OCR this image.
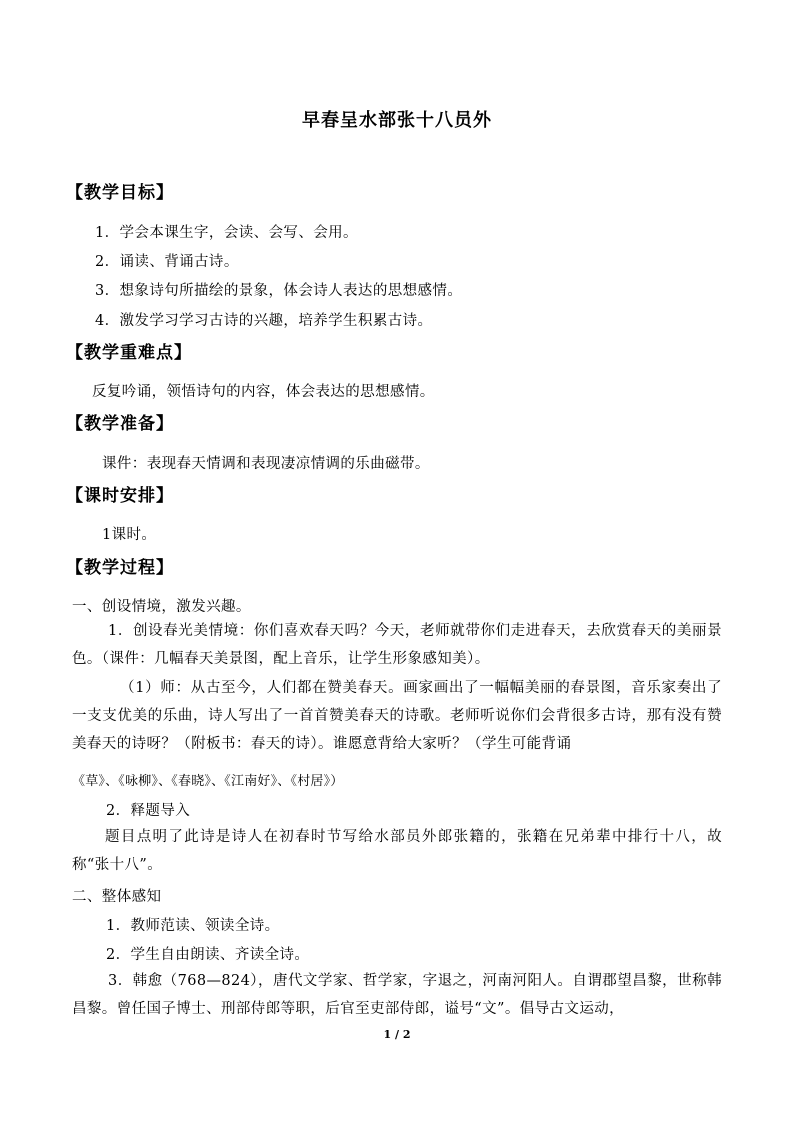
早春呈水部张十八员外
【教学目标】
1．学会本课生字，会读、会写、会用。
2．诵读、背诵古诗。
3．想象诗句所描绘的景象，体会诗人表达的思想感情。
4．激发学习学习古诗的兴趣，培养学生积累古诗。
【教学重难点】
反复吟诵，领悟诗句的内容，体会表达的思想感情。
【教学准备】
课件：表现春天情调和表现凄凉情调的乐曲磁带。
【课时安排】
1课时。
【教学过程】
一、创设情境，激发兴趣。
1．创设春光美情境：你们喜欢春天吗？今天，老师就带你们走进春天，去欣赏春天的美丽景色。（课件：几幅春天美景图，配上音乐，让学生形象感知美）。
（1）师：从古至今，人们都在赞美春天。画家画出了一幅幅美丽的春景图，音乐家奏出了一支支优美的乐曲，诗人写出了一首首赞美春天的诗歌。老师听说你们会背很多古诗，那有没有赞美春天的诗呀？（附板书：春天的诗）。谁愿意背给大家听？（学生可能背诵
《草》、《咏柳》、《春晓》、《江南好》、《村居》）
2．释题导入
题目点明了此诗是诗人在初春时节写给水部员外郎张籍的，张籍在兄弟辈中排行十八，故称“张十八”。
二、整体感知
1．教师范读、领读全诗。
2．学生自由朗读、齐读全诗。
3．韩愈（768—824），唐代文学家、哲学家，字退之，河南河阳人。自谓郡望昌黎，世称韩昌黎。曾任国子博士、刑部侍郎等职，后官至吏部侍郎，谥号“文”。倡导古文运动，
1 / 2
